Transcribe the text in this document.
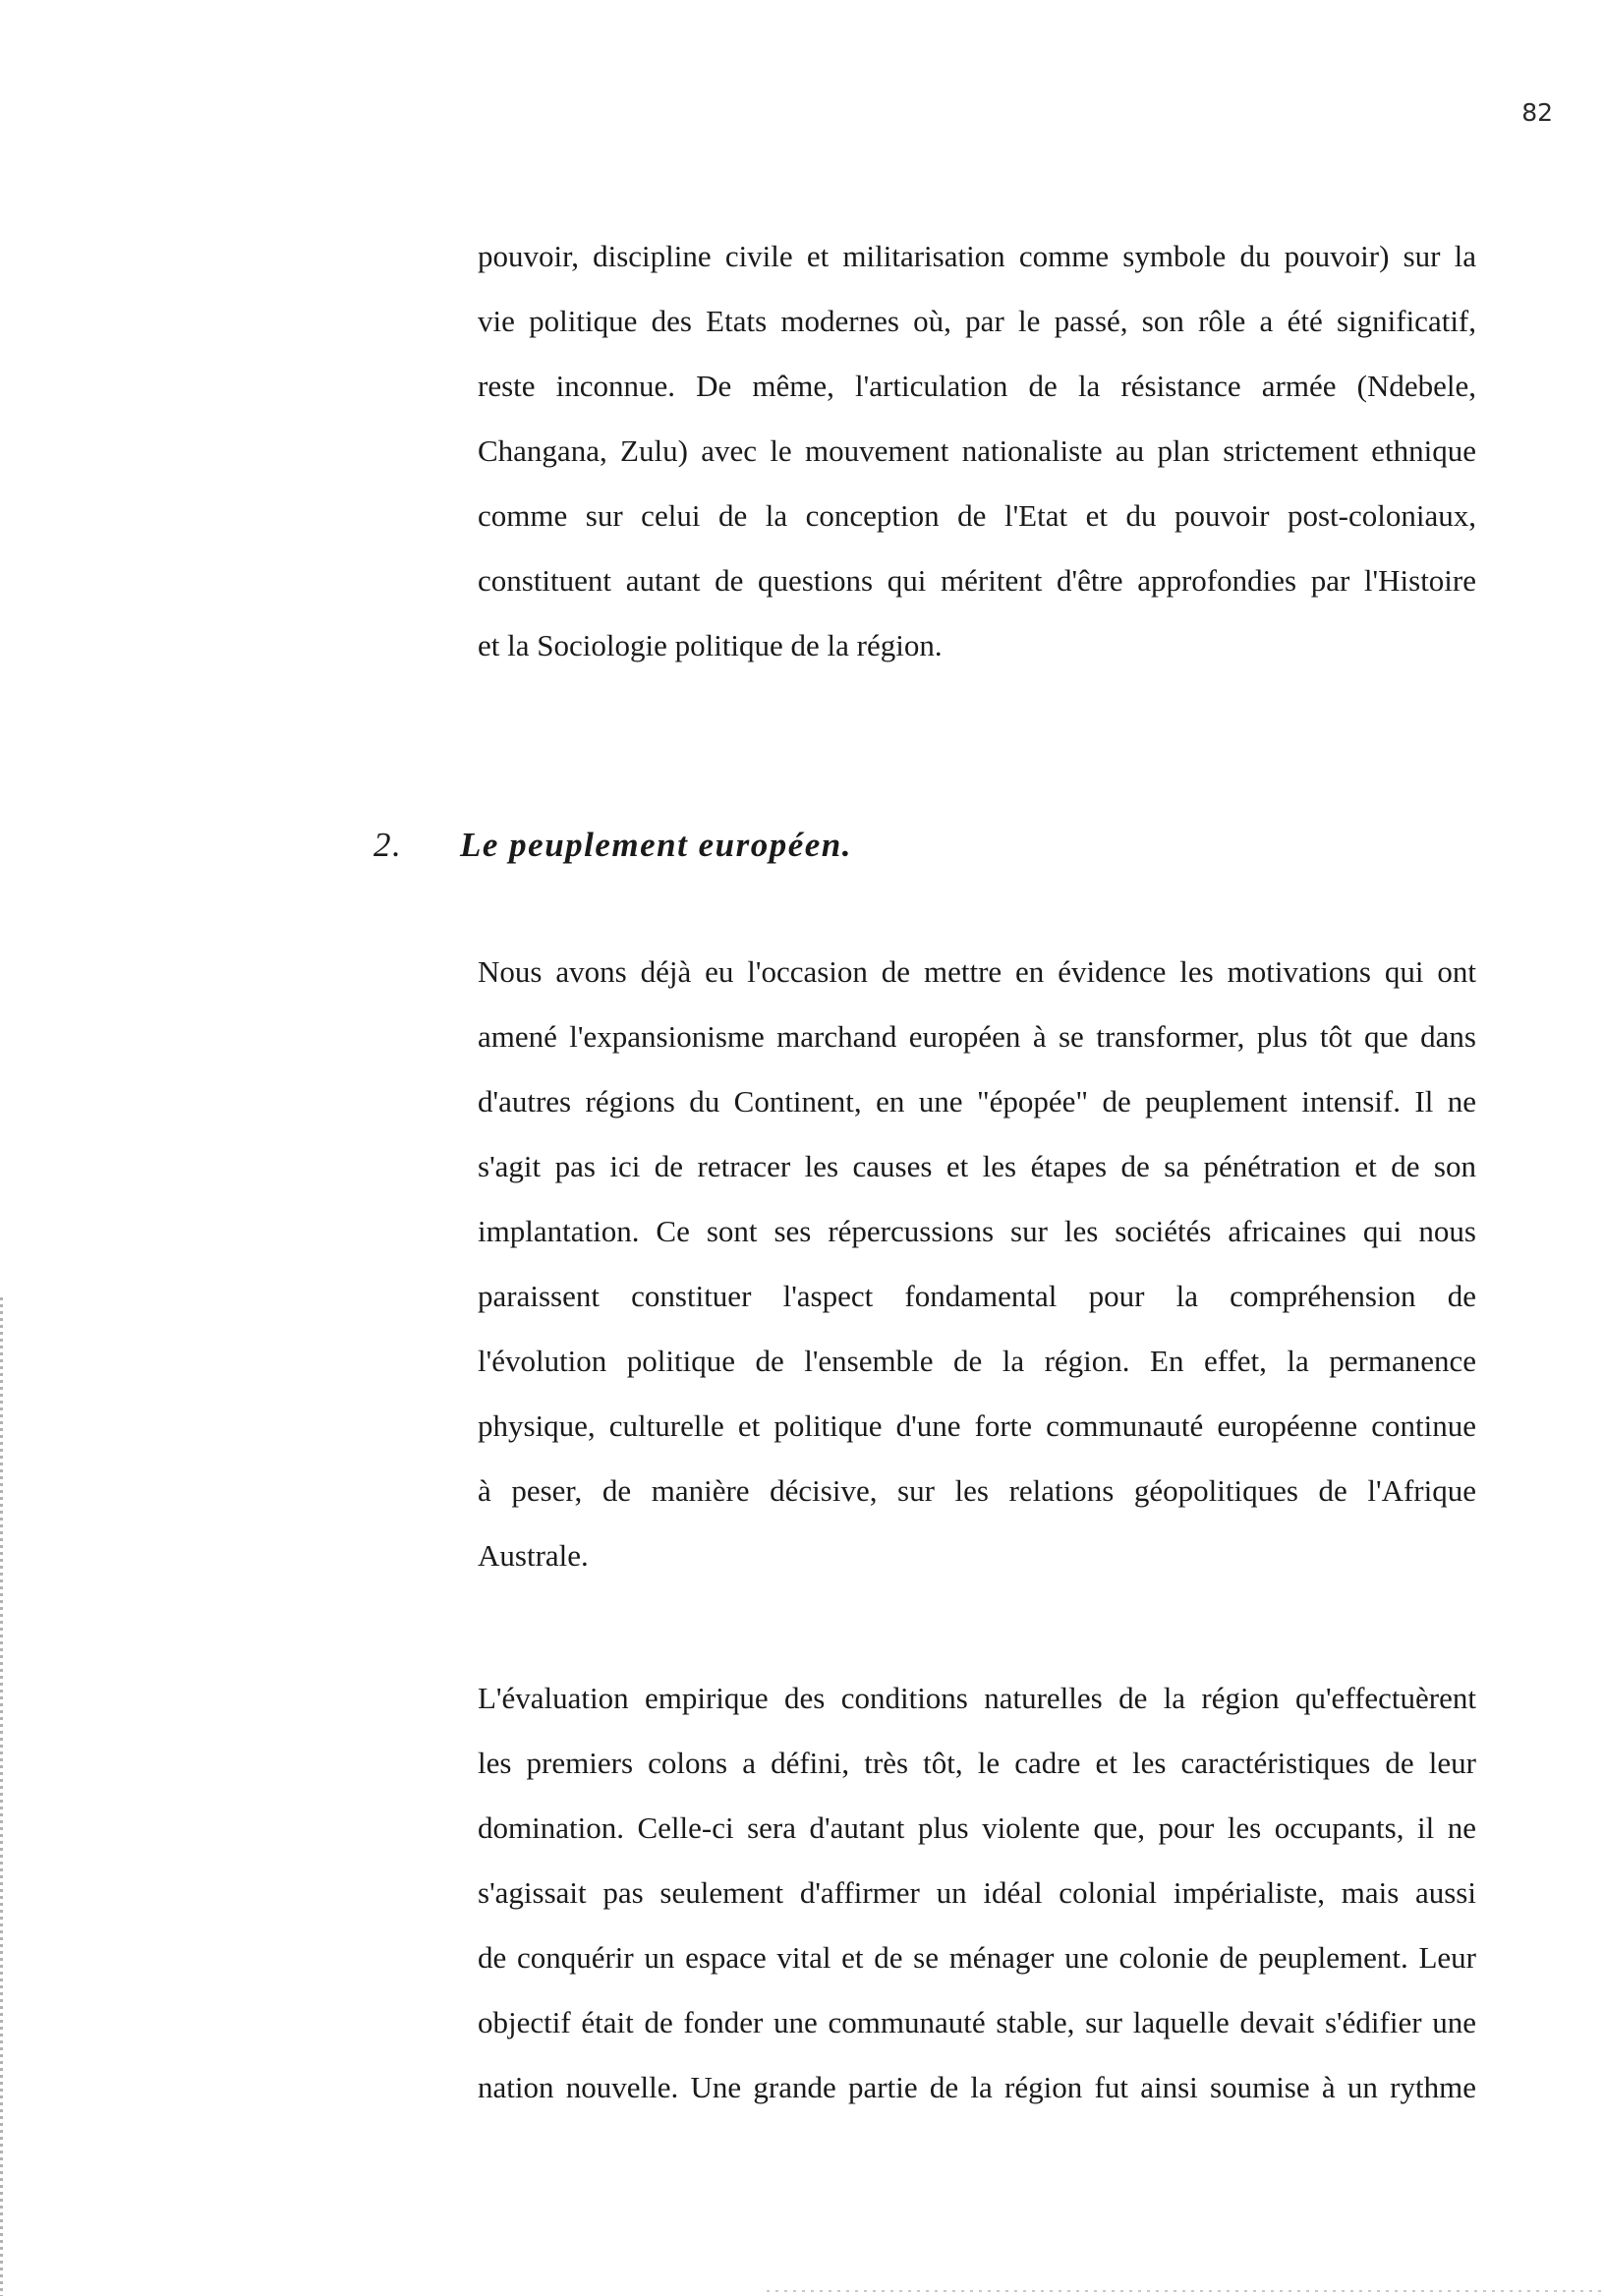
82

pouvoir, discipline civile et militarisation comme symbole du pouvoir) sur la
vie politique des Etats modernes où, par le passé, son rôle a été significatif,
reste inconnue. De même, l'articulation de la résistance armée (Ndebele,
Changana, Zulu) avec le mouvement nationaliste au plan strictement ethnique
comme sur celui de la conception de l'Etat et du pouvoir post-coloniaux,
constituent autant de questions qui méritent d'être approfondies par l'Histoire
et la Sociologie politique de la région.

2. Le peuplement européen.

Nous avons déjà eu l'occasion de mettre en évidence les motivations qui ont
amené l'expansionisme marchand européen à se transformer, plus tôt que dans
d'autres régions du Continent, en une "épopée" de peuplement intensif. Il ne
s'agit pas ici de retracer les causes et les étapes de sa pénétration et de son
implantation. Ce sont ses répercussions sur les sociétés africaines qui nous
paraissent constituer l'aspect fondamental pour la compréhension de
l'évolution politique de l'ensemble de la région. En effet, la permanence
physique, culturelle et politique d'une forte communauté européenne continue
à peser, de manière décisive, sur les relations géopolitiques de l'Afrique
Australe.

L'évaluation empirique des conditions naturelles de la région qu'effectuèrent
les premiers colons a défini, très tôt, le cadre et les caractéristiques de leur
domination. Celle-ci sera d'autant plus violente que, pour les occupants, il ne
s'agissait pas seulement d'affirmer un idéal colonial impérialiste, mais aussi
de conquérir un espace vital et de se ménager une colonie de peuplement. Leur
objectif était de fonder une communauté stable, sur laquelle devait s'édifier une
nation nouvelle. Une grande partie de la région fut ainsi soumise à un rythme
